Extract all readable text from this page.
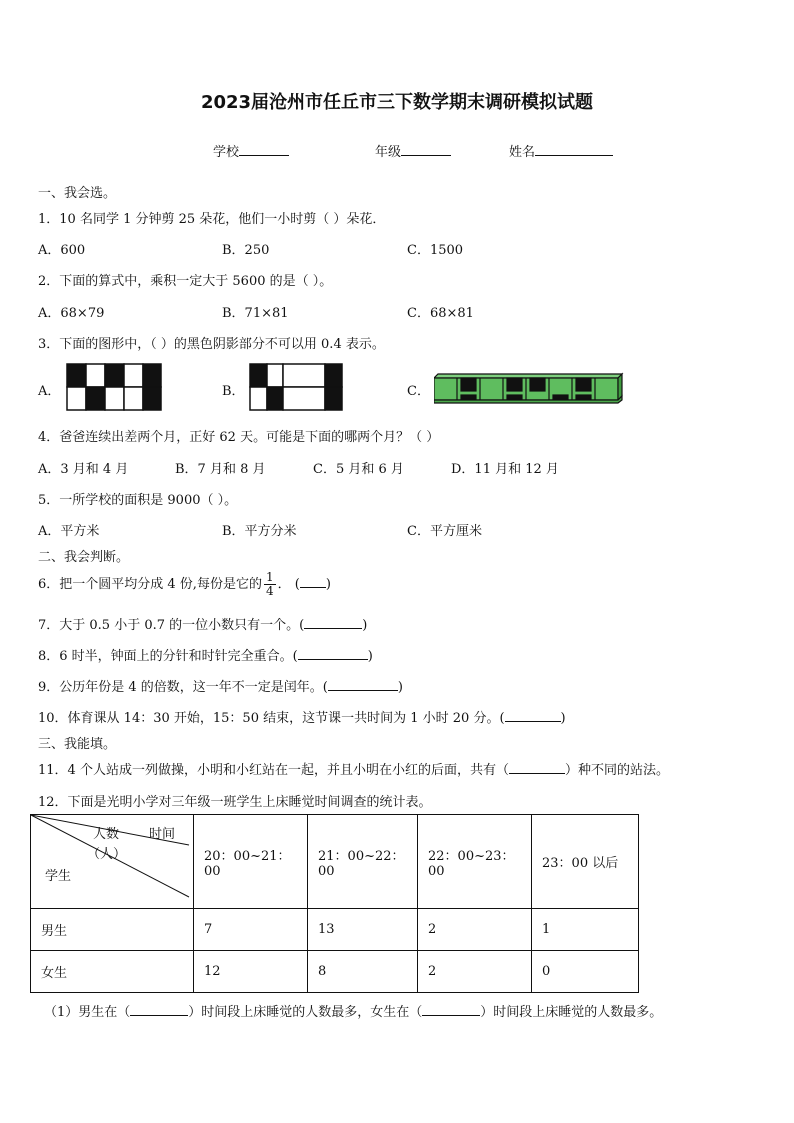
2023届沧州市任丘市三下数学期末调研模拟试题
学校	年级	姓名
一、我会选。
1．10 名同学 1 分钟剪 25 朵花，他们一小时剪（ ）朵花．
A．600	B．250	C．1500
2．下面的算式中，乘积一定大于 5600 的是（ ）。
A．68×79	B．71×81	C．68×81
3．下面的图形中，（ ）的黑色阴影部分不可以用 0.4 表示。
A．	B．	C．
4．爸爸连续出差两个月，正好 62 天。可能是下面的哪两个月？（ ）
A．3 月和 4 月	B．7 月和 8 月	C．5 月和 6 月	D．11 月和 12 月
5．一所学校的面积是 9000（ ）。
A．平方米	B．平方分米	C．平方厘米
二、我会判断。
6．把一个圆平均分成 4 份,每份是它的 $\frac{1}{4}$ ． ( )
7．大于 0.5 小于 0.7 的一位小数只有一个。(	)
8．6 时半，钟面上的分针和时针完全重合。(	)
9．公历年份是 4 的倍数，这一年不一定是闰年。(	)
10．体育课从 14：30 开始，15：50 结束，这节课一共时间为 1 小时 20 分。(	)
三、我能填。
11．4 个人站成一列做操，小明和小红站在一起，并且小明在小红的后面，共有（	）种不同的站法。
12．下面是光明小学对三年级一班学生上床睡觉时间调查的统计表。
人数 时间
（人）
学生	20：00~21：00	21：00~22：00	22：00~23：00	23：00 以后
男生	7	13	2	1
女生	12	8	2	0
（1）男生在（	）时间段上床睡觉的人数最多，女生在（	）时间段上床睡觉的人数最多。
